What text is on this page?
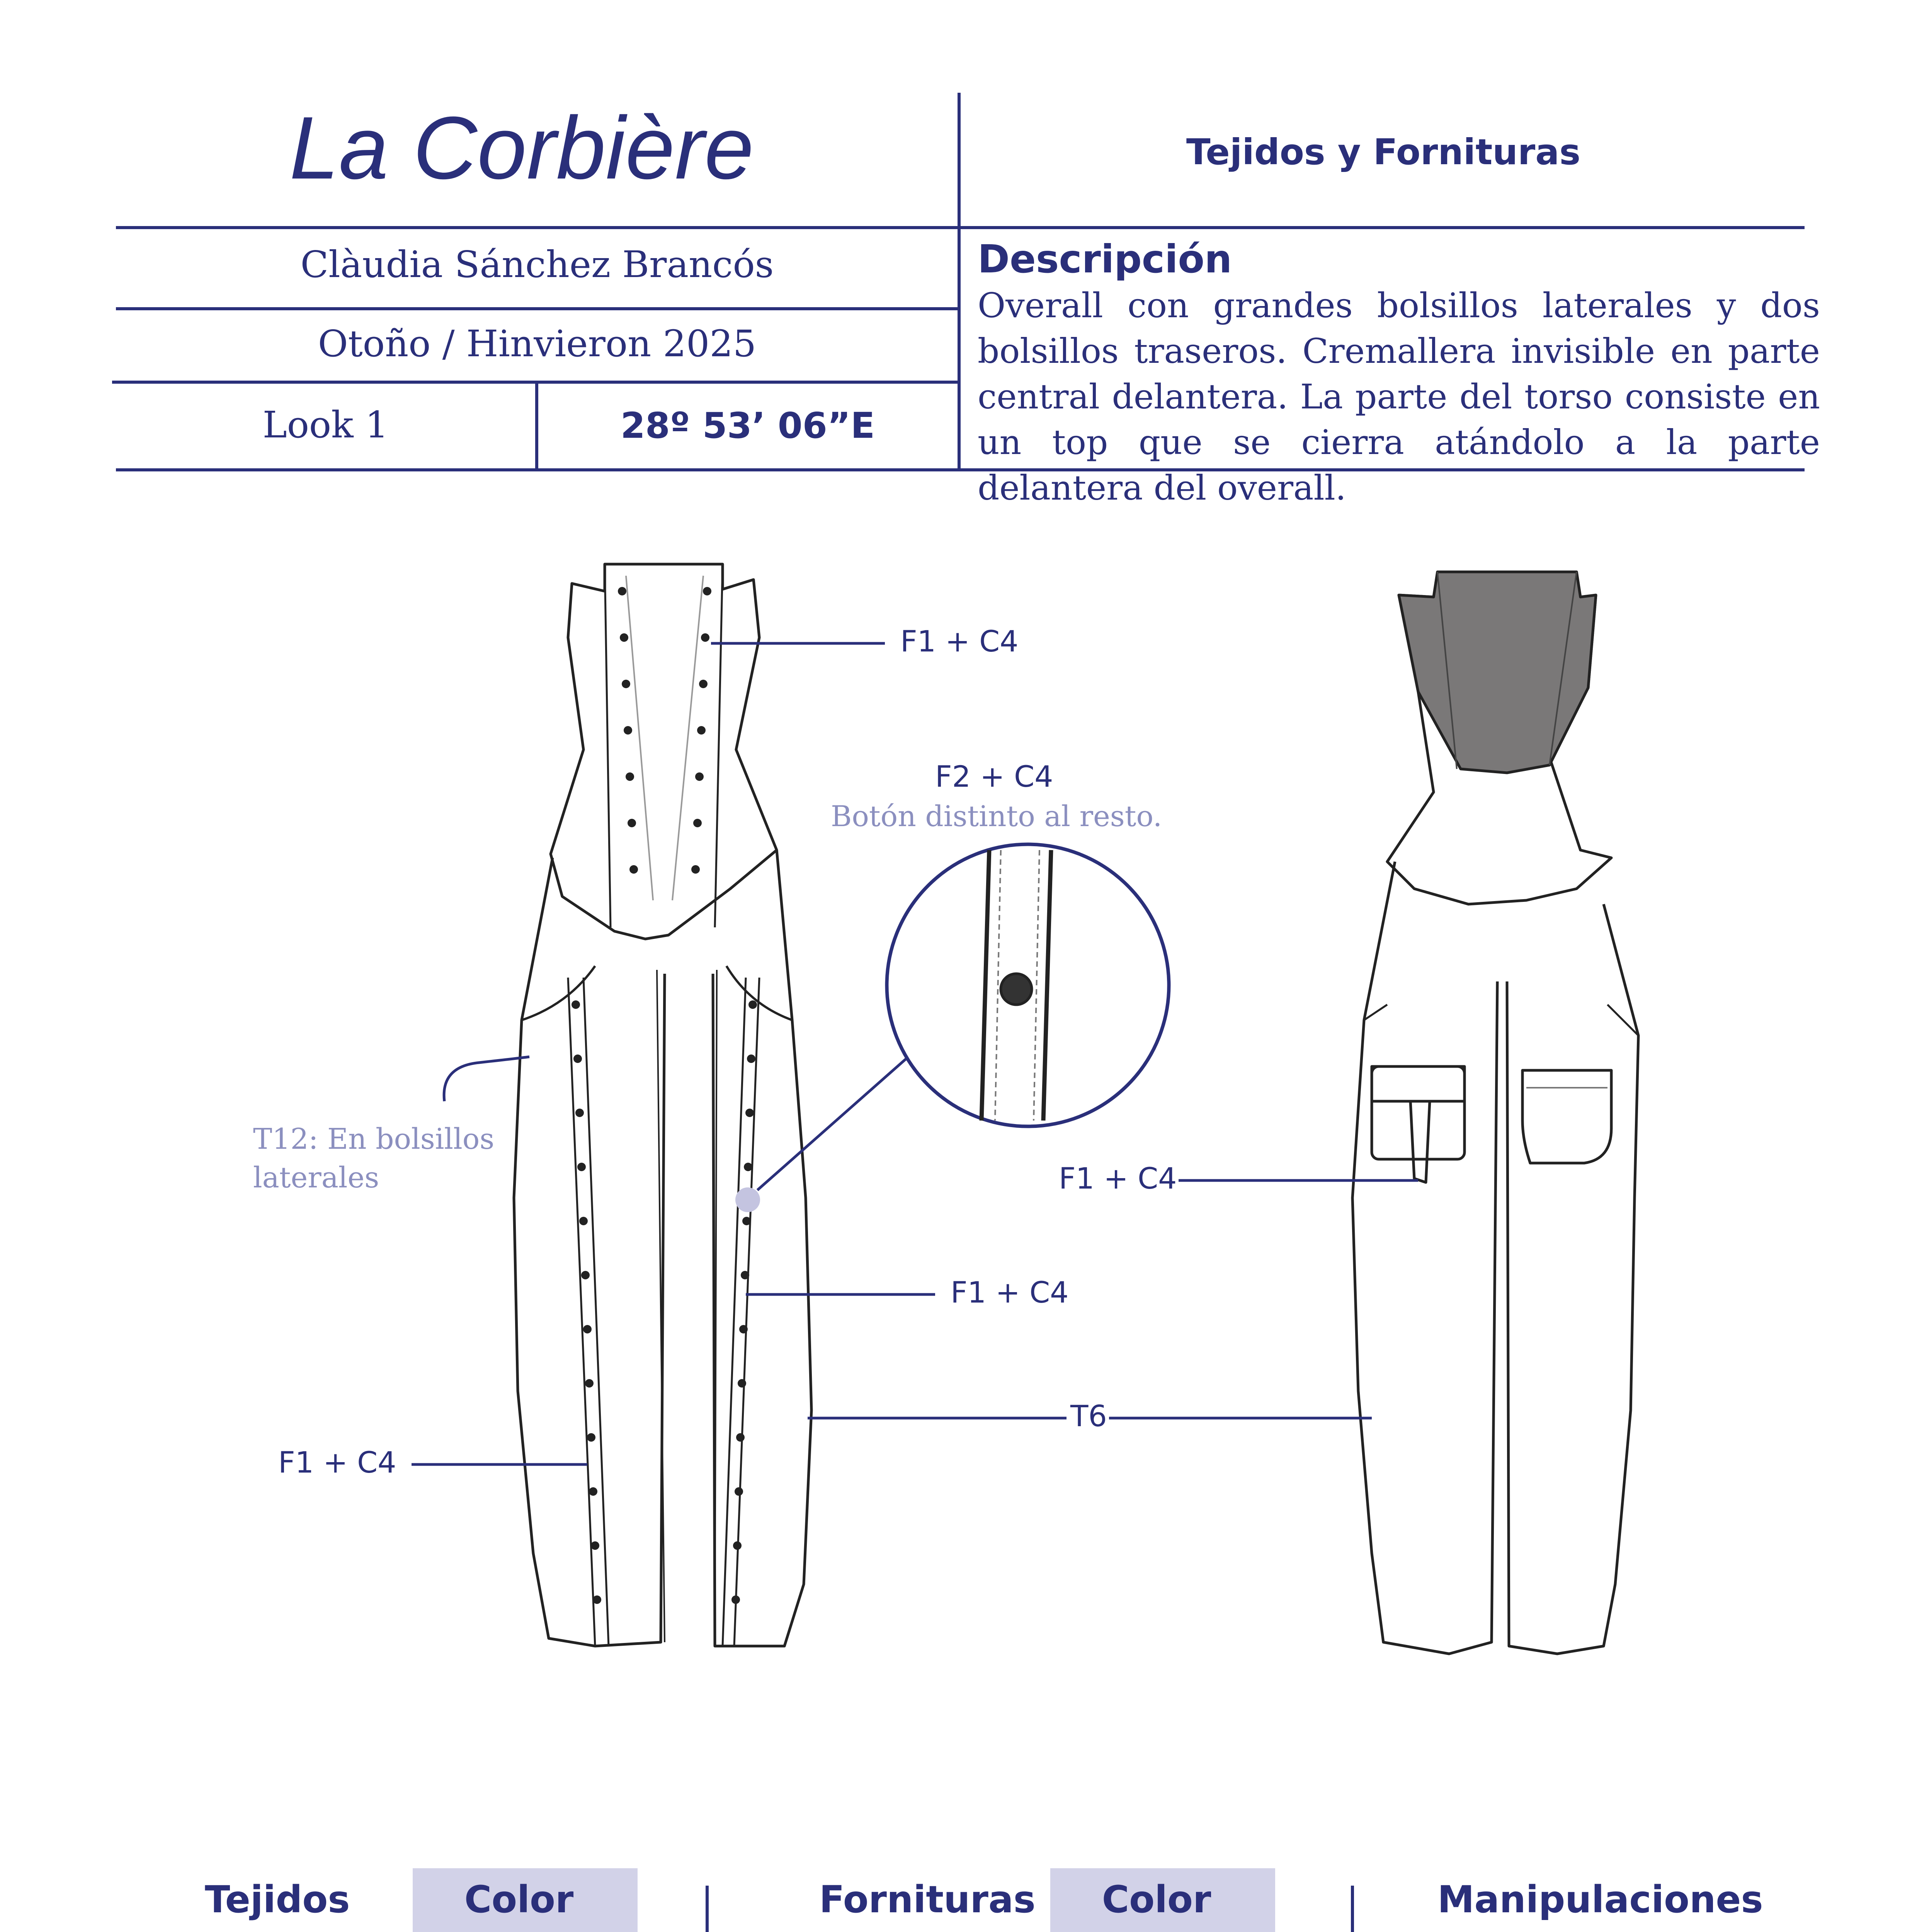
La Corbière	Tejidos y Fornituras
Clàudia Sánchez Brancós
Otoño / Hinvieron 2025
Look 1	28º 53’ 06”E
Descripción
Overall con grandes bolsillos laterales y dos bolsillos traseros. Cremallera invisible en parte central delantera. La parte del torso consiste en un top que se cierra atándolo a la parte delantera del overall.
F1 + C4
F2 + C4
Botón distinto al resto.
T12: En bolsillos
laterales
F1 + C4
T6
F1 + C4
F1 + C4
Tejidos	Color	Fornituras	Color	Manipulaciones
